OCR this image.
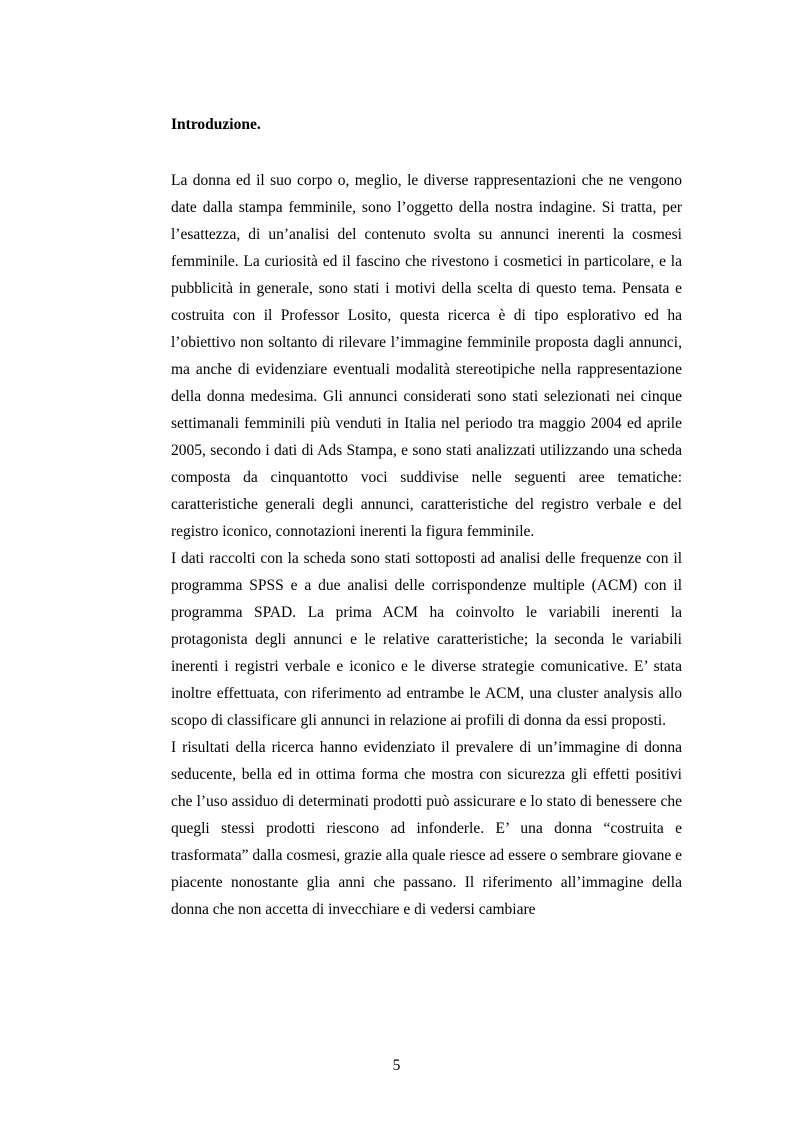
Introduzione.

La donna ed il suo corpo o, meglio, le diverse rappresentazioni che ne vengono date dalla stampa femminile, sono l’oggetto della nostra indagine. Si tratta, per l’esattezza, di un’analisi del contenuto svolta su annunci inerenti la cosmesi femminile. La curiosità ed il fascino che rivestono i cosmetici in particolare, e la pubblicità in generale, sono stati i motivi della scelta di questo tema. Pensata e costruita con il Professor Losito, questa ricerca è di tipo esplorativo ed ha l’obiettivo non soltanto di rilevare l’immagine femminile proposta dagli annunci, ma anche di evidenziare eventuali modalità stereotipiche nella rappresentazione della donna medesima. Gli annunci considerati sono stati selezionati nei cinque settimanali femminili più venduti in Italia nel periodo tra maggio 2004 ed aprile 2005, secondo i dati di Ads Stampa, e sono stati analizzati utilizzando una scheda composta da cinquantotto voci suddivise nelle seguenti aree tematiche: caratteristiche generali degli annunci, caratteristiche del registro verbale e del registro iconico, connotazioni inerenti la figura femminile.

I dati raccolti con la scheda sono stati sottoposti ad analisi delle frequenze con il programma SPSS e a due analisi delle corrispondenze multiple (ACM) con il programma SPAD. La prima ACM ha coinvolto le variabili inerenti la protagonista degli annunci e le relative caratteristiche; la seconda le variabili inerenti i registri verbale e iconico e le diverse strategie comunicative. E’ stata inoltre effettuata, con riferimento ad entrambe le ACM, una cluster analysis allo scopo di classificare gli annunci in relazione ai profili di donna da essi proposti.

I risultati della ricerca hanno evidenziato il prevalere di un’immagine di donna seducente, bella ed in ottima forma che mostra con sicurezza gli effetti positivi che l’uso assiduo di determinati prodotti può assicurare e lo stato di benessere che quegli stessi prodotti riescono ad infonderle. E’ una donna “costruita e trasformata” dalla cosmesi, grazie alla quale riesce ad essere o sembrare giovane e piacente nonostante glia anni che passano. Il riferimento all’immagine della donna che non accetta di invecchiare e di vedersi cambiare

5
